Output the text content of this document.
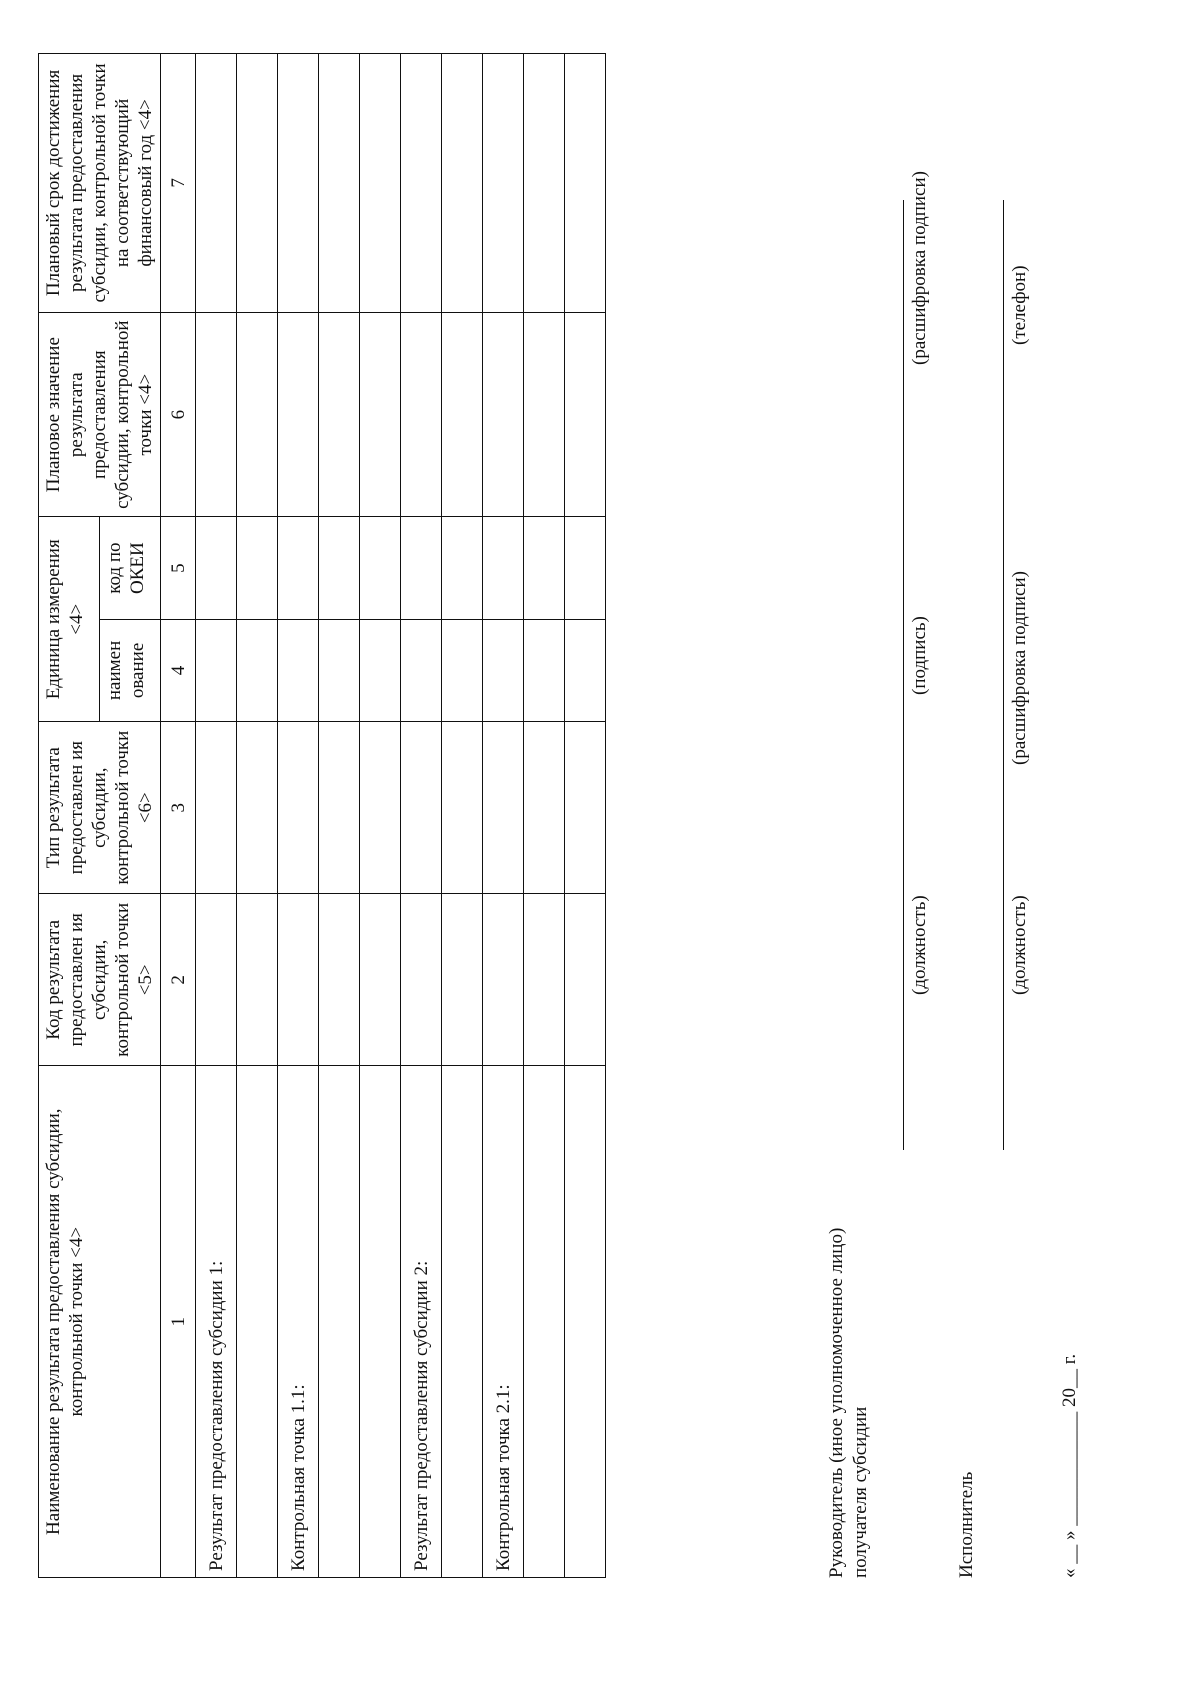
Наименование результата предоставления субсидии, контрольной точки <4>	Код результата предоставлен ия субсидии, контрольной точки <5>	Тип результата предоставлен ия субсидии, контрольной точки <6>	Единица измерения <4>		Плановое значение результата предоставления субсидии, контрольной точки <4>	Плановый срок достижения результата предоставления субсидии, контрольной точки на соответствующий финансовый год <4>
			наимен ование	код по ОКЕИ		
1	2	3	4	5	6	7
Результат предоставления субсидии 1:						

Контрольная точка 1.1:						

Результат предоставления субсидии 2:						

Контрольная точка 2.1:						

							Руководитель (иное уполномоченное лицо) получателя субсидии
(должность)
(подпись)
(расшифровка подписи)
Исполнитель
(должность)
(расшифровка подписи)
(телефон)
« __ » ____________ 20__ г.
